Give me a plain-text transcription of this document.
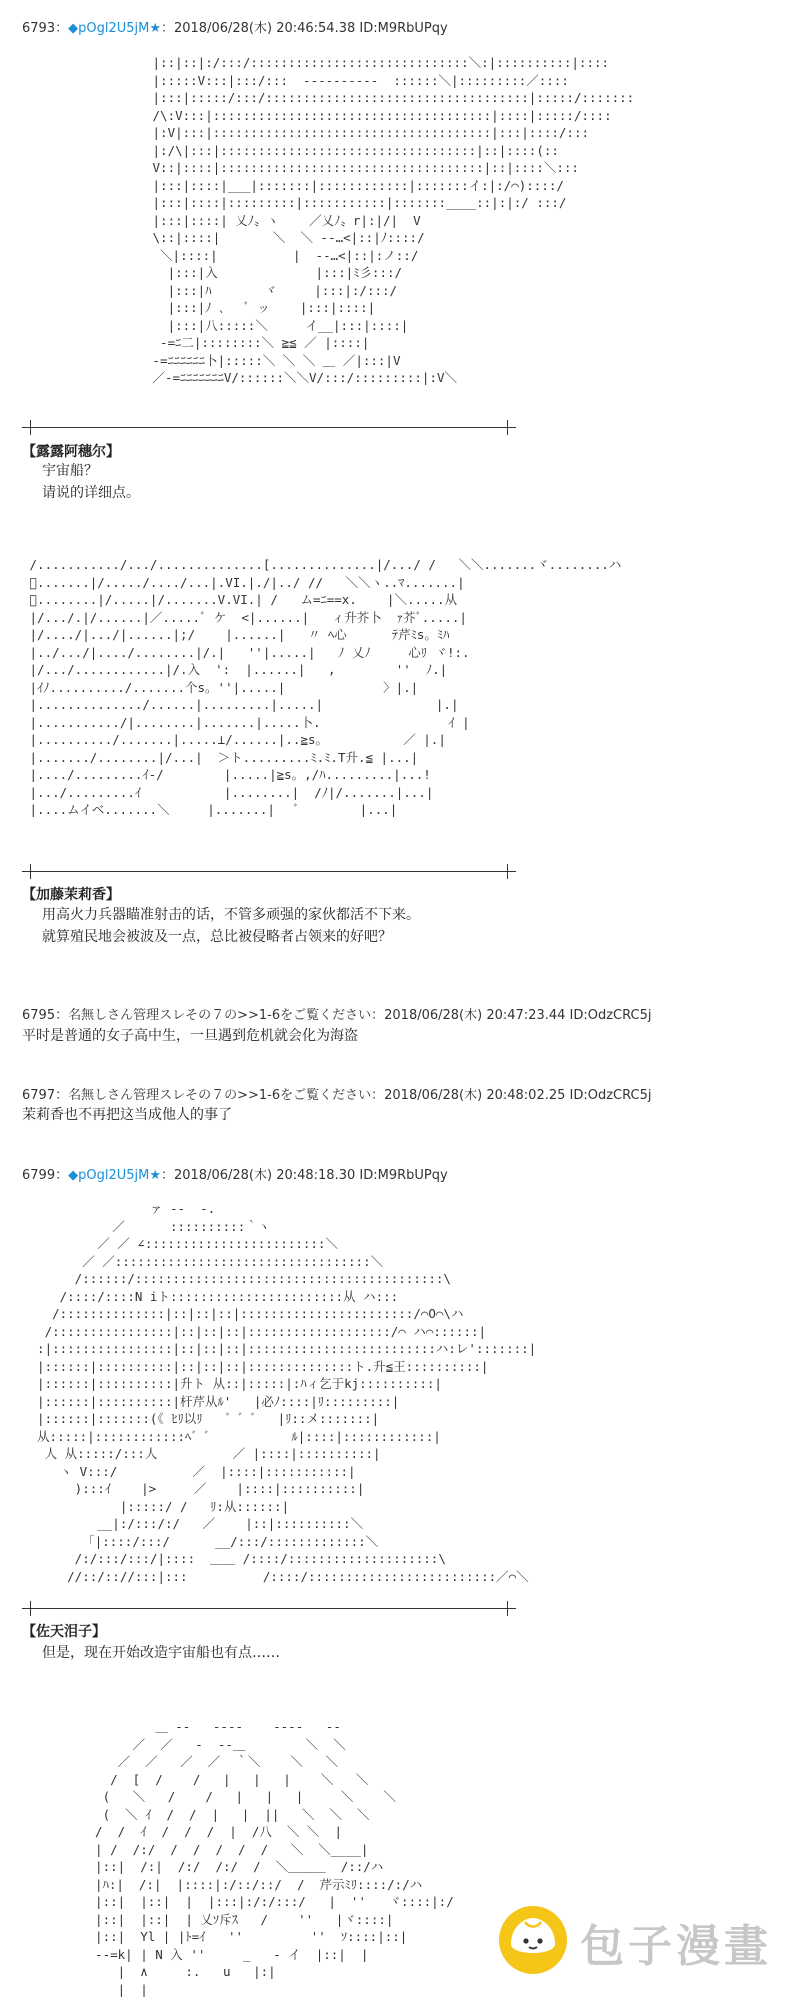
6793：◆pOgl2U5jM★：2018/06/28(木) 20:46:54.38 ID:M9RbUPqy
|::|::|:/:::/:::::::::::::::::::::::::::::＼:|::::::::::|::::
|:::::V:::|:::/:::  ‐‐‐‐‐‐‐‐‐‐  ::::::＼|:::::::::／::::
|:::|:::::/:::/:::::::::::::::::::::::::::::::::::|:::::/:::::::
/\:V:::|:::::::::::::::::::::::::::::::::::::|::::|:::::/::::
|:V|:::|:::::::::::::::::::::::::::::::::::::|:::|::::/:::
|:/\|:::|::::::::::::::::::::::::::::::::::|::|::::(::
V::|::::|:::::::::::::::::::::::::::::::::::|::|::::＼:::
|:::|::::|___|:::::::|::::::::::::|:::::::イ:|:/⌒)::::/
|:::|::::|:::::::::|:::::::::::|:::::::____::|:|:/ :::/
|:::|::::| 乂ﾉ〟ヽ    ／乂ﾉ〟r|:|/|  V
\::|::::|       ＼  ＼ ‐‐…<|::|ﾉ::::/
＼|::::|          |  ‐‐…<|::|:ノ::/
|:::|入             |:::|ﾐ彡:::/
|:::|ﾊ       ヾ     |:::|:/:::/
|:::|ﾉ ､   ﾞ ッ    |:::|::::|
|:::|八:::::＼     イ__|:::|::::|
‐=ﾆ二|::::::::＼ ≧≦ ／ |::::|
‐=ﾆﾆﾆﾆﾆﾆ卜|:::::＼ ＼ ＼ ＿ ／|:::|V
／‐=ﾆﾆﾆﾆﾆﾆﾆV/::::::＼＼V/:::/:::::::::|:V＼
【露露阿穗尔】
宇宙船？
请说的详细点。
/.........../.../..............[..............|/.../ /   ＼＼.......ヾ........ハ
ﾞ.......|/...../..../...|.VI.|./|../ //   ＼＼ヽ..ﾏ.......|
ﾞ........|/.....|/.......V.VI.| /   ム=ﾆ==x.    |＼.....从
|/.../.|/......|／.....ﾞ ケ  <|......|   ィ升芥卜  ｧ芥ﾞ.....|
|/..../|.../|......|;/    |......|   〃 ﾍ心      ﾃ芹ﾐs。ﾐﾊ
|../.../|..../........|/.|   ''|.....|   ﾉ 乂ﾉ     心ﾘ ヾ!:.
|/.../............|/.入  ':  |......|   ,        ''  ﾉ.|
|ｲﾉ........../.......个s。''|.....|             〉|.|
|............../......|.........|.....|               |.|
|.........../|........|.......|.....卜.                 ｲ |
|........../.......|.....⊥/......|..≧s。          ／ |.|
|......./........|/...|  ＞ト.........ﾐ.ﾐ.T升.≦ |...|
|..../.........ｲ-/        |.....|≧s。,/ﾊ.........|...!
|.../.........ｲ           |........|  /ﾉ|/.......|...|
|....ムイベ.......＼     |.......|   ﾞ        |...|
【加藤茉莉香】
用高火力兵器瞄准射击的话，不管多顽强的家伙都活不下来。
就算殖民地会被波及一点，总比被侵略者占领来的好吧？
6795：名無しさん管理スレその７の>>1-6をご覧ください：2018/06/28(木) 20:47:23.44 ID:OdzCRC5j
平时是普通的女子高中生，一旦遇到危机就会化为海盗
6797：名無しさん管理スレその７の>>1-6をご覧ください：2018/06/28(木) 20:48:02.25 ID:OdzCRC5j
茉莉香也不再把这当成他人的事了
6799：◆pOgl2U5jM★：2018/06/28(木) 20:48:18.30 ID:M9RbUPqy
ァ ‐‐  ‐.
／      ::::::::::｀ヽ
／ ／ ∠::::::::::::::::::::::::＼
／ ／::::::::::::::::::::::::::::::::::＼
/::::::/:::::::::::::::::::::::::::::::::::::::::\
/::::/::::N iト:::::::::::::::::::::::从 ハ:::
/::::::::::::::|::|::|::|:::::::::::::::::::::::/⌒O⌒\ハ
/::::::::::::::::|::|::|::|:::::::::::::::::::/⌒ ハ⌒::::::|
:|::::::::::::::::|::|::|::|:::::::::::::::::::::::::ハ:レ':::::::|
|::::::|::::::::::|::|::|::|::::::::::::::ト.升≦王::::::::::|
|::::::|::::::::::|升ト 从::|:::::|:ﾊィ乞于kj::::::::::|
|::::::|::::::::::|杆芹从ﾙ'   |必ﾉ::::|ﾘ:::::::::|
|::::::|:::::::(《 ﾋﾘ以ﾘ   ゛゛゛  |ﾘ::メ:::::::|
从:::::|::::::::::::ﾍ゛゛          ﾙ|::::|::::::::::::|
人 从:::::/:::人          ／ |::::|::::::::::|
ヽ V:::/          ／  |::::|:::::::::::|
):::ｲ    |>     ／    |::::|::::::::::|
|:::::/ /   ﾘ:从::::::|
__|:/:::/:/   ／    |::|::::::::::＼
「|::::/:::/      __/:::/:::::::::::::＼
/:/:::/:::/|::::  ＿＿ /::::/::::::::::::::::::::\
//::/:://:::|:::          /::::/:::::::::::::::::::::::::／⌒＼
【佐天泪子】
但是，现在开始改造宇宙船也有点……
＿ ‐‐   ‐‐‐‐    ‐‐‐‐   ‐‐
／  ／   ‐  ‐‐＿        ＼  ＼
／  ／   ／  ／  ｀＼    ＼   ＼
/  [  /    /   |   |   |    ＼   ＼
(   ＼   /    /   |   |   |     ＼    ＼
(  ＼ ｲ  /  /  |   |  ||   ＼  ＼  ＼
/  /  ｲ  /  /  /  |  /八  ＼ ＼  |
| /  /:/  /  /  /  /  /   ＼  ＼____|
|::|  /:|  /:/  /:/  /  ＼＿＿＿  /::/ハ
|ﾊ:|  /:|  |::::|:/::/::/  /  芹示ﾐﾘ::::/:/ハ
|::|  |::|  |  |:::|:/:/:::/   |  ''   ヾ::::|:/
|::|  |::|  | 乂ｿ斥ｽ   /    ''   |ヾ::::|
|::|  Yl | |ﾄ=ｲ   ''         ''  ｿ::::|::|
‐‐=k| | N 入 ''     _   ‐ イ  |::|  |
|  ∧     :.   u   |:|
|  |
包子漫畫
